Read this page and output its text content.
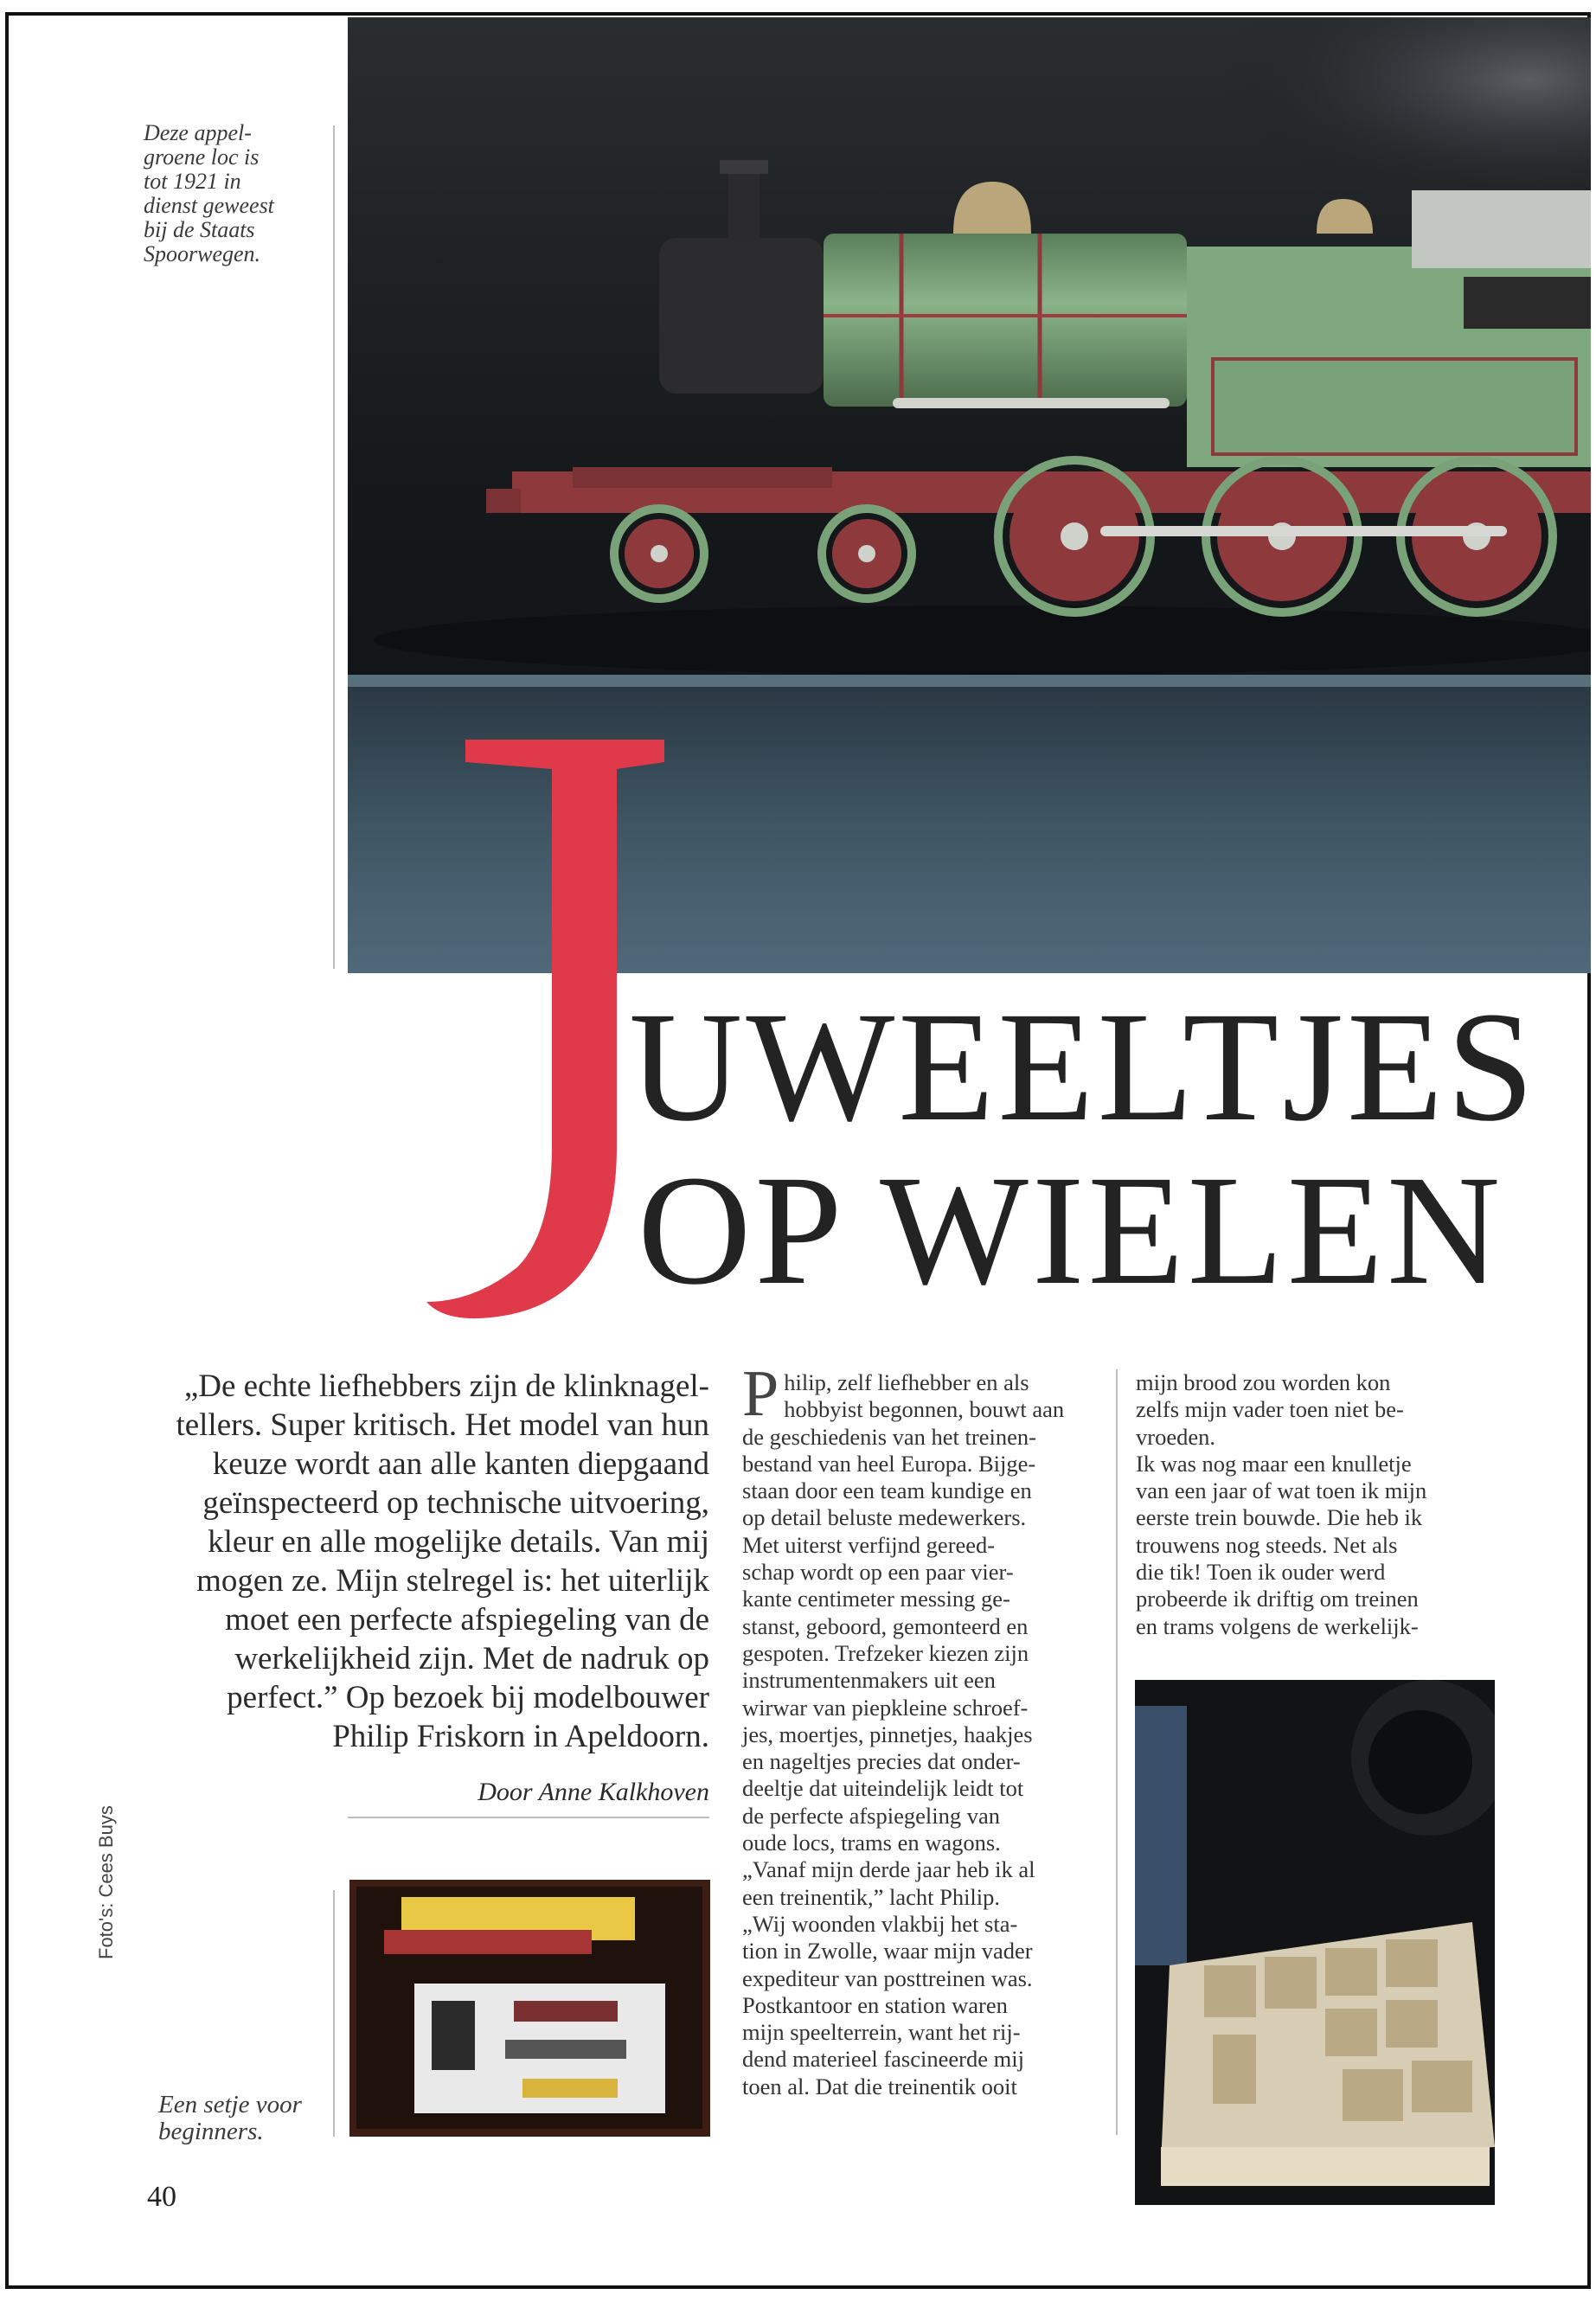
Deze appel-
groene loc is
tot 1921 in
dienst geweest
bij de Staats
Spoorwegen.
J
UWEELTJES
OP WIELEN
„De echte liefhebbers zijn de klinknagel-
tellers. Super kritisch. Het model van hun
keuze wordt aan alle kanten diepgaand
geïnspecteerd op technische uitvoering,
kleur en alle mogelijke details. Van mij
mogen ze. Mijn stelregel is: het uiterlijk
moet een perfecte afspiegeling van de
werkelijkheid zijn. Met de nadruk op
perfect.” Op bezoek bij modelbouwer
Philip Friskorn in Apeldoorn.
Door Anne Kalkhoven
P hilip, zelf liefhebber en als
hobbyist begonnen, bouwt aan
de geschiedenis van het treinen-
bestand van heel Europa. Bijge-
staan door een team kundige en
op detail beluste medewerkers.
Met uiterst verfijnd gereed-
schap wordt op een paar vier-
kante centimeter messing ge-
stanst, geboord, gemonteerd en
gespoten. Trefzeker kiezen zijn
instrumentenmakers uit een
wirwar van piepkleine schroef-
jes, moertjes, pinnetjes, haakjes
en nageltjes precies dat onder-
deeltje dat uiteindelijk leidt tot
de perfecte afspiegeling van
oude locs, trams en wagons.
„Vanaf mijn derde jaar heb ik al
een treinentik,” lacht Philip.
„Wij woonden vlakbij het sta-
tion in Zwolle, waar mijn vader
expediteur van posttreinen was.
Postkantoor en station waren
mijn speelterrein, want het rij-
dend materieel fascineerde mij
toen al. Dat die treinentik ooit
mijn brood zou worden kon
zelfs mijn vader toen niet be-
vroeden.
Ik was nog maar een knulletje
van een jaar of wat toen ik mijn
eerste trein bouwde. Die heb ik
trouwens nog steeds. Net als
die tik! Toen ik ouder werd
probeerde ik driftig om treinen
en trams volgens de werkelijk-
Een setje voor
beginners.
Foto's: Cees Buys
40
